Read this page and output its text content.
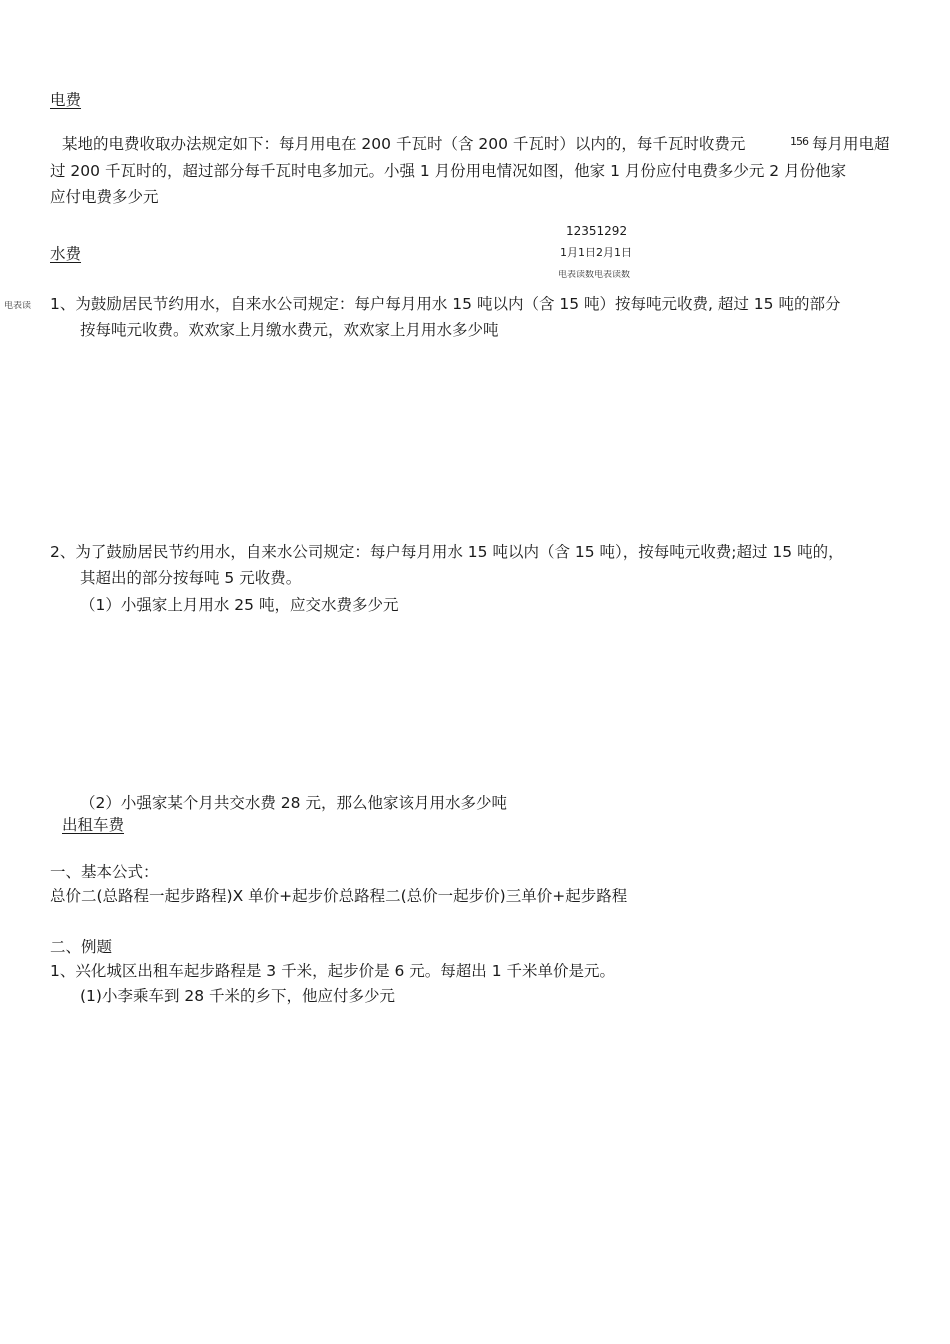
电费
某地的电费收取办法规定如下：每月用电在 200 千瓦时（含 200 千瓦时）以内的，每千瓦时收费元	156 每月用电超
过 200 千瓦时的，超过部分每千瓦时电多加元。小强 1 月份用电情况如图，他家 1 月份应付电费多少元 2 月份他家
应付电费多少元
12351292
1月1日2月1日
电表读数电表读数
水费
电表读 1、为鼓励居民节约用水，自来水公司规定：每户每月用水 15 吨以内（含 15 吨）按每吨元收费, 超过 15 吨的部分
按每吨元收费。欢欢家上月缴水费元，欢欢家上月用水多少吨
2、为了鼓励居民节约用水，自来水公司规定：每户每月用水 15 吨以内（含 15 吨），按每吨元收费;超过 15 吨的，
其超出的部分按每吨 5 元收费。
（1）小强家上月用水 25 吨，应交水费多少元
（2）小强家某个月共交水费 28 元，那么他家该月用水多少吨
出租车费
一、基本公式：
总价二(总路程一起步路程)X 单价+起步价总路程二(总价一起步价)三单价+起步路程
二、例题
1、兴化城区出租车起步路程是 3 千米，起步价是 6 元。每超出 1 千米单价是元。
(1)小李乘车到 28 千米的乡下，他应付多少元
